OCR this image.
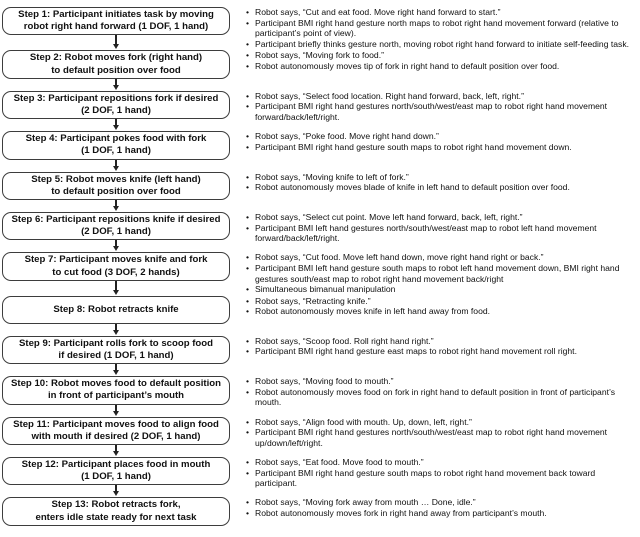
Step 1: Participant initiates task by moving
robot right hand forward (1 DOF, 1 hand)
• Robot says, “Cut and eat food. Move right hand forward to start.”
• Participant BMI right hand gesture north maps to robot right hand movement forward (relative to participant’s point of view).
• Participant briefly thinks gesture north, moving robot right hand forward to initiate self-feeding task.
Step 2: Robot moves fork (right hand)
to default position over food
• Robot says, “Moving fork to food.”
• Robot autonomously moves tip of fork in right hand to default position over food.
Step 3: Participant repositions fork if desired
(2 DOF, 1 hand)
• Robot says, “Select food location. Right hand forward, back, left, right.”
• Participant BMI right hand gestures north/south/west/east map to robot right hand movement forward/back/left/right.
Step 4: Participant pokes food with fork
(1 DOF, 1 hand)
• Robot says, “Poke food. Move right hand down.”
• Participant BMI right hand gesture south maps to robot right hand movement down.
Step 5: Robot moves knife (left hand)
to default position over food
• Robot says, “Moving knife to left of fork.”
• Robot autonomously moves blade of knife in left hand to default position over food.
Step 6: Participant repositions knife if desired
(2 DOF, 1 hand)
• Robot says, “Select cut point. Move left hand forward, back, left, right.”
• Participant BMI left hand gestures north/south/west/east map to robot left hand movement forward/back/left/right.
Step 7: Participant moves knife and fork
to cut food (3 DOF, 2 hands)
• Robot says, “Cut food. Move left hand down, move right hand right or back.”
• Participant BMI left hand gesture south maps to robot left hand movement down, BMI right hand gestures south/east map to robot right hand movement back/right
• Simultaneous bimanual manipulation
Step 8: Robot retracts knife
• Robot says, “Retracting knife.”
• Robot autonomously moves knife in left hand away from food.
Step 9: Participant rolls fork to scoop food
if desired (1 DOF, 1 hand)
• Robot says, “Scoop food. Roll right hand right.”
• Participant BMI right hand gesture east maps to robot right hand movement roll right.
Step 10: Robot moves food to default position
in front of participant’s mouth
• Robot says, “Moving food to mouth.”
• Robot autonomously moves food on fork in right hand to default position in front of participant’s mouth.
Step 11: Participant moves food to align food
with mouth if desired (2 DOF, 1 hand)
• Robot says, “Align food with mouth. Up, down, left, right.”
• Participant BMI right hand gestures north/south/west/east map to robot right hand movement up/down/left/right.
Step 12: Participant places food in mouth
(1 DOF, 1 hand)
• Robot says, “Eat food. Move food to mouth.”
• Participant BMI right hand gesture south maps to robot right hand movement back toward participant.
Step 13: Robot retracts fork,
enters idle state ready for next task
• Robot says, “Moving fork away from mouth … Done, idle.”
• Robot autonomously moves fork in right hand away from participant’s mouth.
